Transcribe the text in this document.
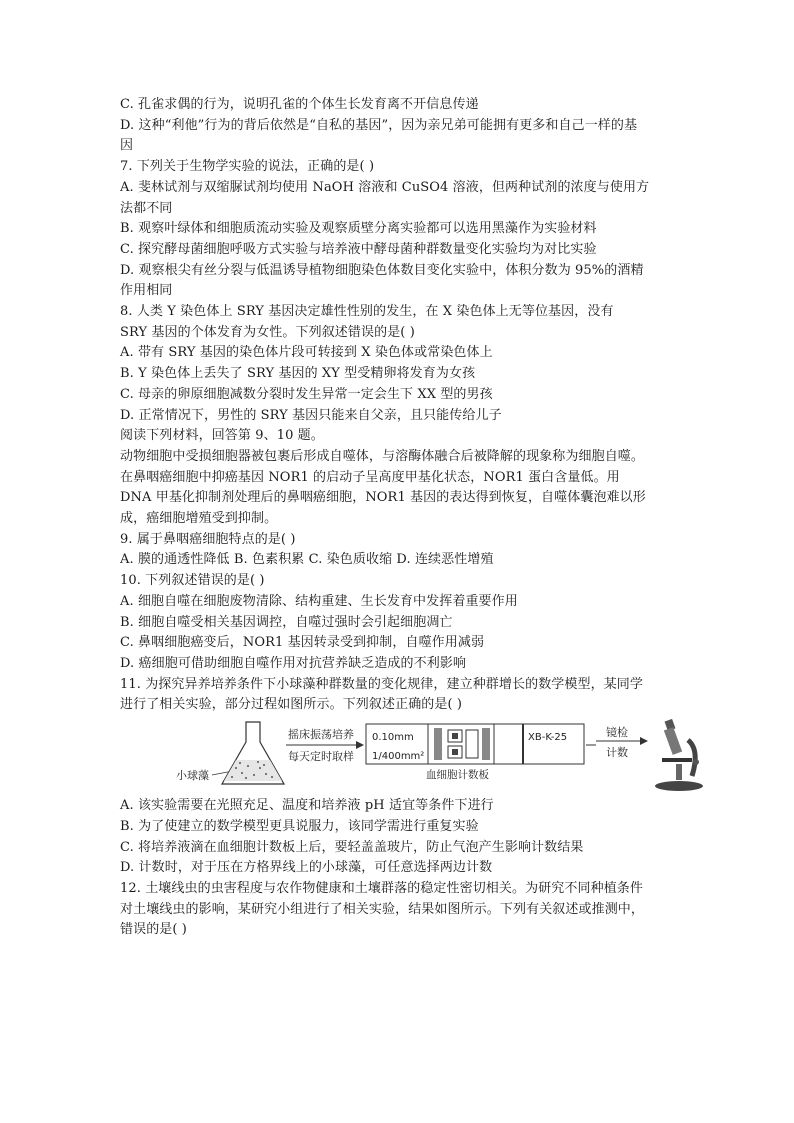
C. 孔雀求偶的行为，说明孔雀的个体生长发育离不开信息传递
D. 这种“利他”行为的背后依然是“自私的基因”，因为亲兄弟可能拥有更多和自己一样的基
因
7. 下列关于生物学实验的说法，正确的是( )
A. 斐林试剂与双缩脲试剂均使用 NaOH 溶液和 CuSO4 溶液，但两种试剂的浓度与使用方
法都不同
B. 观察叶绿体和细胞质流动实验及观察质壁分离实验都可以选用黑藻作为实验材料
C. 探究酵母菌细胞呼吸方式实验与培养液中酵母菌种群数量变化实验均为对比实验
D. 观察根尖有丝分裂与低温诱导植物细胞染色体数目变化实验中，体积分数为 95%的酒精
作用相同
8. 人类 Y 染色体上 SRY 基因决定雄性性别的发生，在 X 染色体上无等位基因，没有
SRY 基因的个体发育为女性。下列叙述错误的是( )
A. 带有 SRY 基因的染色体片段可转接到 X 染色体或常染色体上
B. Y 染色体上丢失了 SRY 基因的 XY 型受精卵将发育为女孩
C. 母亲的卵原细胞减数分裂时发生异常一定会生下 XX 型的男孩
D. 正常情况下，男性的 SRY 基因只能来自父亲，且只能传给儿子
阅读下列材料，回答第 9、10 题。
动物细胞中受损细胞器被包裹后形成自噬体，与溶酶体融合后被降解的现象称为细胞自噬。
在鼻咽癌细胞中抑癌基因 NOR1 的启动子呈高度甲基化状态，NOR1 蛋白含量低。用
DNA 甲基化抑制剂处理后的鼻咽癌细胞，NOR1 基因的表达得到恢复，自噬体囊泡难以形
成，癌细胞增殖受到抑制。
9. 属于鼻咽癌细胞特点的是( )
A. 膜的通透性降低 B. 色素积累 C. 染色质收缩 D. 连续恶性增殖
10. 下列叙述错误的是( )
A. 细胞自噬在细胞废物清除、结构重建、生长发育中发挥着重要作用
B. 细胞自噬受相关基因调控，自噬过强时会引起细胞凋亡
C. 鼻咽细胞癌变后，NOR1 基因转录受到抑制，自噬作用减弱
D. 癌细胞可借助细胞自噬作用对抗营养缺乏造成的不利影响
11. 为探究异养培养条件下小球藻种群数量的变化规律，建立种群增长的数学模型，某同学
进行了相关实验，部分过程如图所示。下列叙述正确的是( )
小球藻
摇床振荡培养
每天定时取样
0.10mm
1/400mm²
XB-K-25
血细胞计数板
镜检
计数
A. 该实验需要在光照充足、温度和培养液 pH 适宜等条件下进行
B. 为了使建立的数学模型更具说服力，该同学需进行重复实验
C. 将培养液滴在血细胞计数板上后，要轻盖盖玻片，防止气泡产生影响计数结果
D. 计数时，对于压在方格界线上的小球藻，可任意选择两边计数
12. 土壤线虫的虫害程度与农作物健康和土壤群落的稳定性密切相关。为研究不同种植条件
对土壤线虫的影响，某研究小组进行了相关实验，结果如图所示。下列有关叙述或推测中，
错误的是( )
